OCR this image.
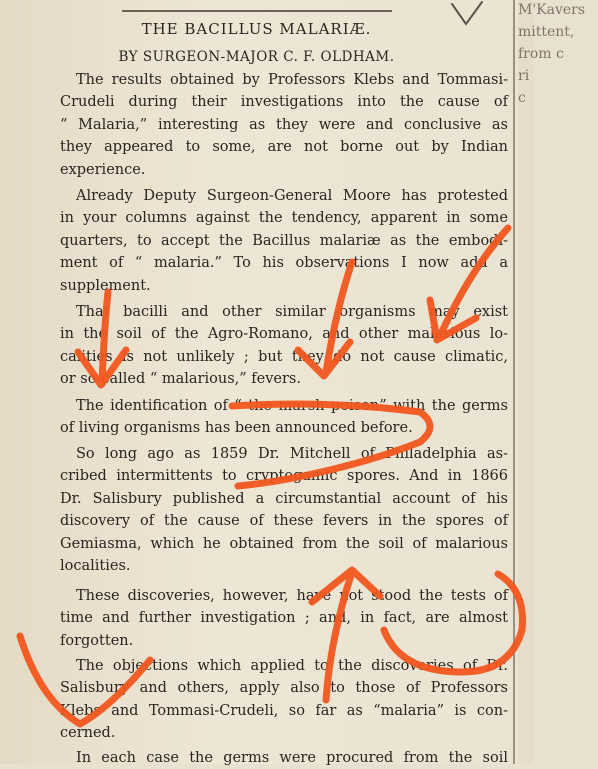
M'Kavers
mittent,
from c
ri
c
THE BACILLUS MALARIÆ.
BY SURGEON-MAJOR C. F. OLDHAM.
The results obtained by Professors Klebs and Tommasi-
Crudeli during their investigations into the cause of
“ Malaria,” interesting as they were and conclusive as
they appeared to some, are not borne out by Indian
experience.
Already Deputy Surgeon-General Moore has protested
in your columns against the tendency, apparent in some
quarters, to accept the Bacillus malariæ as the embodi-
ment of “ malaria.” To his observations I now add a
supplement.
That bacilli and other similar organisms may exist
in the soil of the Agro-Romano, and other malarious lo-
calities is not unlikely ; but they do not cause climatic,
or so-called “ malarious,” fevers.
The identification of “ the marsh poison” with the germs
of living organisms has been announced before.
So long ago as 1859 Dr. Mitchell of Philadelphia as-
cribed intermittents to cryptogamic spores. And in 1866
Dr. Salisbury published a circumstantial account of his
discovery of the cause of these fevers in the spores of
Gemiasma, which he obtained from the soil of malarious
localities.
These discoveries, however, have not stood the tests of
time and further investigation ; and, in fact, are almost
forgotten.
The objections which applied to the discoveries of Dr.
Salisbury and others, apply also to those of Professors
Klebs and Tommasi-Crudeli, so far as “malaria” is con-
cerned.
In each case the germs were procured from the soil
